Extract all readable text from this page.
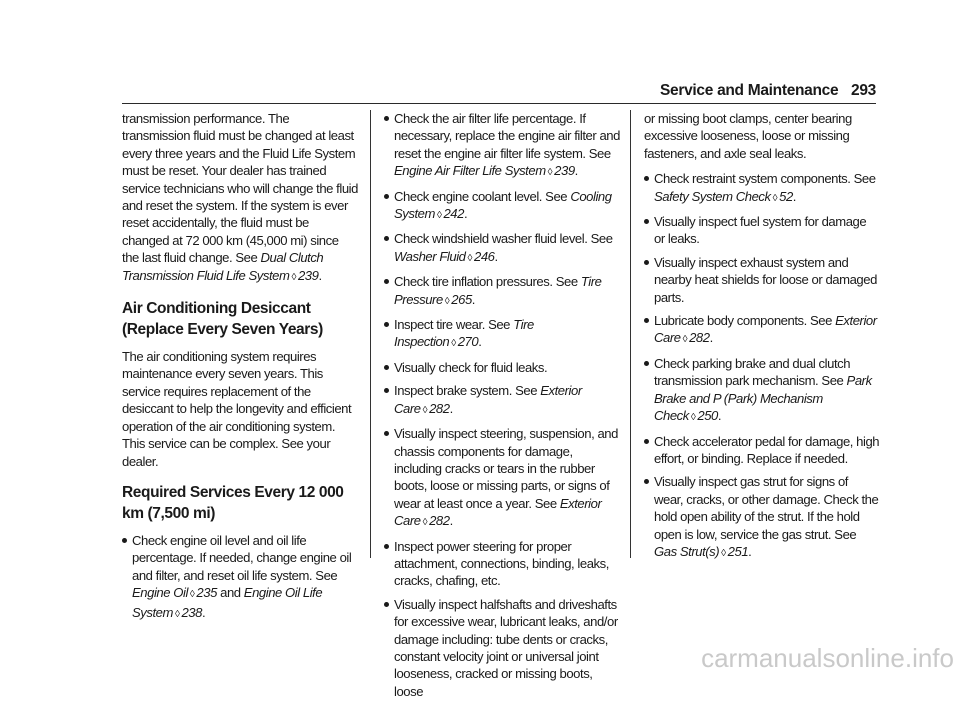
Service and Maintenance 293

transmission performance. The transmission fluid must be changed at least every three years and the Fluid Life System must be reset. Your dealer has trained service technicians who will change the fluid and reset the system. If the system is ever reset accidentally, the fluid must be changed at 72 000 km (45,000 mi) since the last fluid change. See Dual Clutch Transmission Fluid Life System ◊ 239.

Air Conditioning Desiccant (Replace Every Seven Years)

The air conditioning system requires maintenance every seven years. This service requires replacement of the desiccant to help the longevity and efficient operation of the air conditioning system. This service can be complex. See your dealer.

Required Services Every 12 000 km (7,500 mi)
Check engine oil level and oil life percentage. If needed, change engine oil and filter, and reset oil life system. See Engine Oil ◊ 235 and Engine Oil Life System ◊ 238.
Check the air filter life percentage. If necessary, replace the engine air filter and reset the engine air filter life system. See Engine Air Filter Life System ◊ 239.
Check engine coolant level. See Cooling System ◊ 242.
Check windshield washer fluid level. See Washer Fluid ◊ 246.
Check tire inflation pressures. See Tire Pressure ◊ 265.
Inspect tire wear. See Tire Inspection ◊ 270.
Visually check for fluid leaks.
Inspect brake system. See Exterior Care ◊ 282.
Visually inspect steering, suspension, and chassis components for damage, including cracks or tears in the rubber boots, loose or missing parts, or signs of wear at least once a year. See Exterior Care ◊ 282.
Inspect power steering for proper attachment, connections, binding, leaks, cracks, chafing, etc.
Visually inspect halfshafts and driveshafts for excessive wear, lubricant leaks, and/or damage including: tube dents or cracks, constant velocity joint or universal joint looseness, cracked or missing boots, loose

or missing boot clamps, center bearing excessive looseness, loose or missing fasteners, and axle seal leaks.

Check restraint system components. See Safety System Check ◊ 52.
Visually inspect fuel system for damage or leaks.
Visually inspect exhaust system and nearby heat shields for loose or damaged parts.
Lubricate body components. See Exterior Care ◊ 282.
Check parking brake and dual clutch transmission park mechanism. See Park Brake and P (Park) Mechanism Check ◊ 250.
Check accelerator pedal for damage, high effort, or binding. Replace if needed.
Visually inspect gas strut for signs of wear, cracks, or other damage. Check the hold open ability of the strut. If the hold open is low, service the gas strut. See Gas Strut(s) ◊ 251.
carmanualsonline.info
